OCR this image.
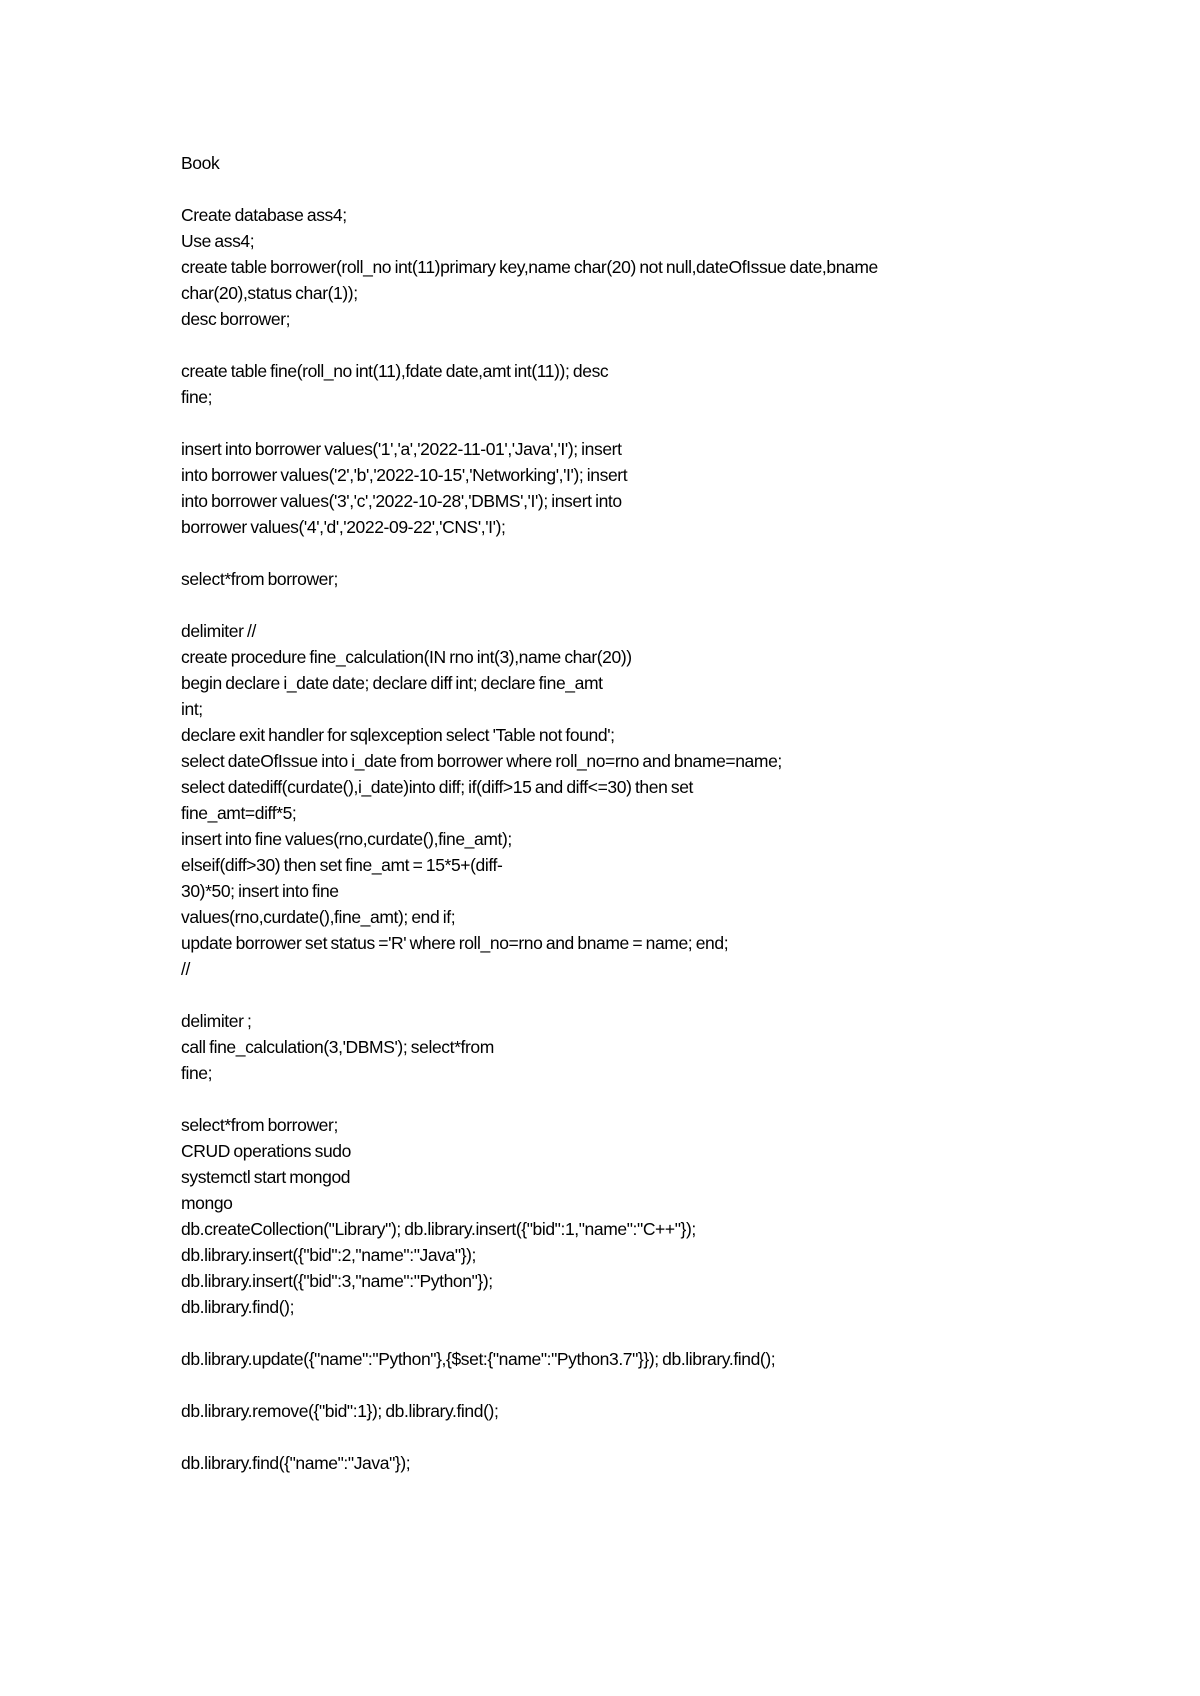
Book
Create database ass4;
Use ass4;
create table borrower(roll_no int(11)primary key,name char(20) not null,dateOfIssue date,bname
char(20),status char(1));
desc borrower;
create table fine(roll_no int(11),fdate date,amt int(11)); desc
fine;
insert into borrower values('1','a','2022-11-01','Java','I'); insert
into borrower values('2','b','2022-10-15','Networking','I'); insert
into borrower values('3','c','2022-10-28','DBMS','I'); insert into
borrower values('4','d','2022-09-22','CNS','I');
select*from borrower;
delimiter //
create procedure fine_calculation(IN rno int(3),name char(20))
begin declare i_date date; declare diff int; declare fine_amt
int;
declare exit handler for sqlexception select 'Table not found';
select dateOfIssue into i_date from borrower where roll_no=rno and bname=name;
select datediff(curdate(),i_date)into diff; if(diff>15 and diff<=30) then set
fine_amt=diff*5;
insert into fine values(rno,curdate(),fine_amt);
elseif(diff>30) then set fine_amt = 15*5+(diff-
30)*50; insert into fine
values(rno,curdate(),fine_amt); end if;
update borrower set status ='R' where roll_no=rno and bname = name; end;
//
delimiter ;
call fine_calculation(3,'DBMS'); select*from
fine;
select*from borrower;
CRUD operations sudo
systemctl start mongod
mongo
db.createCollection("Library"); db.library.insert({"bid":1,"name":"C++"});
db.library.insert({"bid":2,"name":"Java"});
db.library.insert({"bid":3,"name":"Python"});
db.library.find();
db.library.update({"name":"Python"},{$set:{"name":"Python3.7"}}); db.library.find();
db.library.remove({"bid":1}); db.library.find();
db.library.find({"name":"Java"});
